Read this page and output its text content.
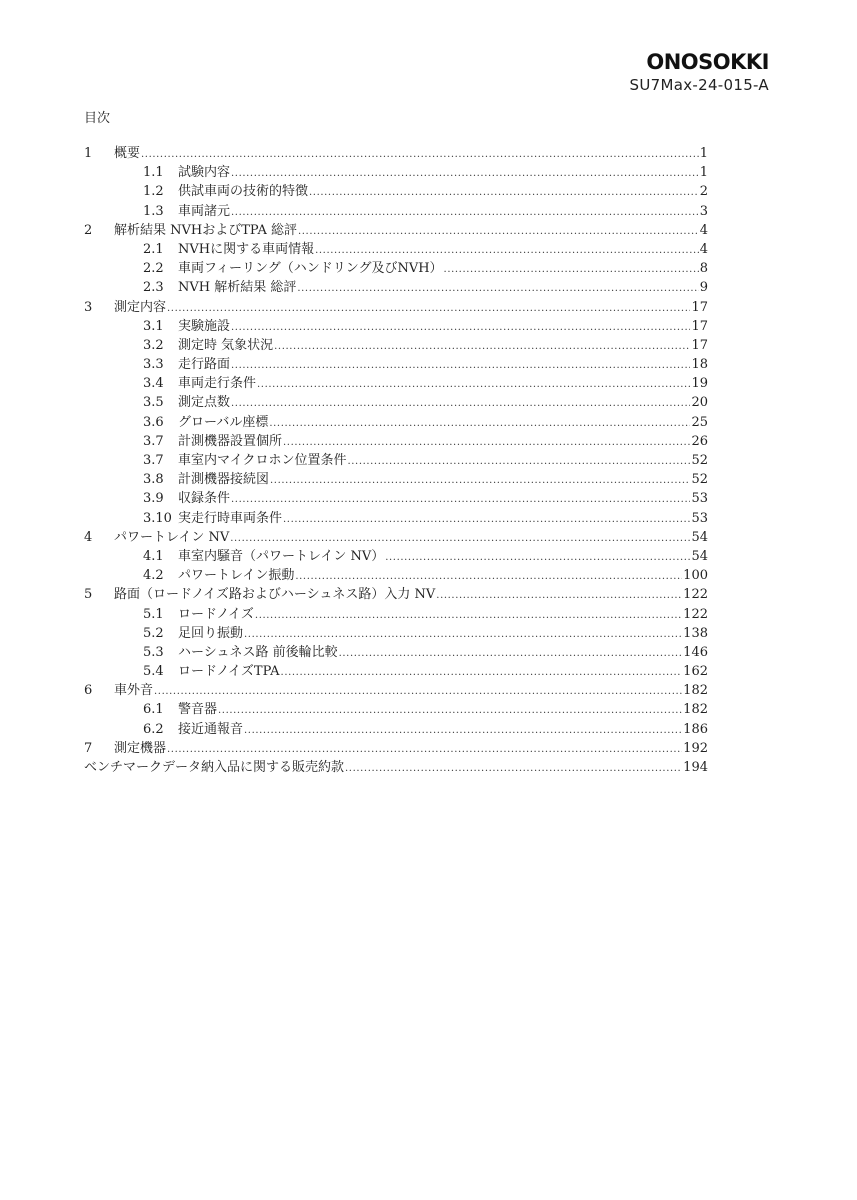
ONOSOKKI
SU7Max-24-015-A
目次
1	概要 .....	1
1.1	試験内容 .....	1
1.2	供試車両の技術的特徴 .....	2
1.3	車両諸元 .....	3
2	解析結果 NVHおよびTPA 総評 .....	4
2.1	NVHに関する車両情報 .....	4
2.2	車両フィーリング（ハンドリング及びNVH） .....	8
2.3	NVH 解析結果 総評 .....	9
3	測定内容 .....	17
3.1	実験施設 .....	17
3.2	測定時 気象状況 .....	17
3.3	走行路面 .....	18
3.4	車両走行条件 .....	19
3.5	測定点数 .....	20
3.6	グローバル座標 .....	25
3.7	計測機器設置個所 .....	26
3.7	車室内マイクロホン位置条件 .....	52
3.8	計測機器接続図 .....	52
3.9	収録条件 .....	53
3.10 実走行時車両条件 .....	53
4	パワートレイン NV .....	54
4.1	車室内騒音（パワートレイン NV） .....	54
4.2	パワートレイン振動 .....	100
5	路面（ロードノイズ路およびハーシュネス路）入力 NV .....	122
5.1	ロードノイズ .....	122
5.2	足回り振動 .....	138
5.3	ハーシュネス路 前後輪比較 .....	146
5.4	ロードノイズTPA .....	162
6	車外音 .....	182
6.1	警音器 .....	182
6.2	接近通報音 .....	186
7	測定機器 .....	192
ベンチマークデータ納入品に関する販売約款 .....	194
